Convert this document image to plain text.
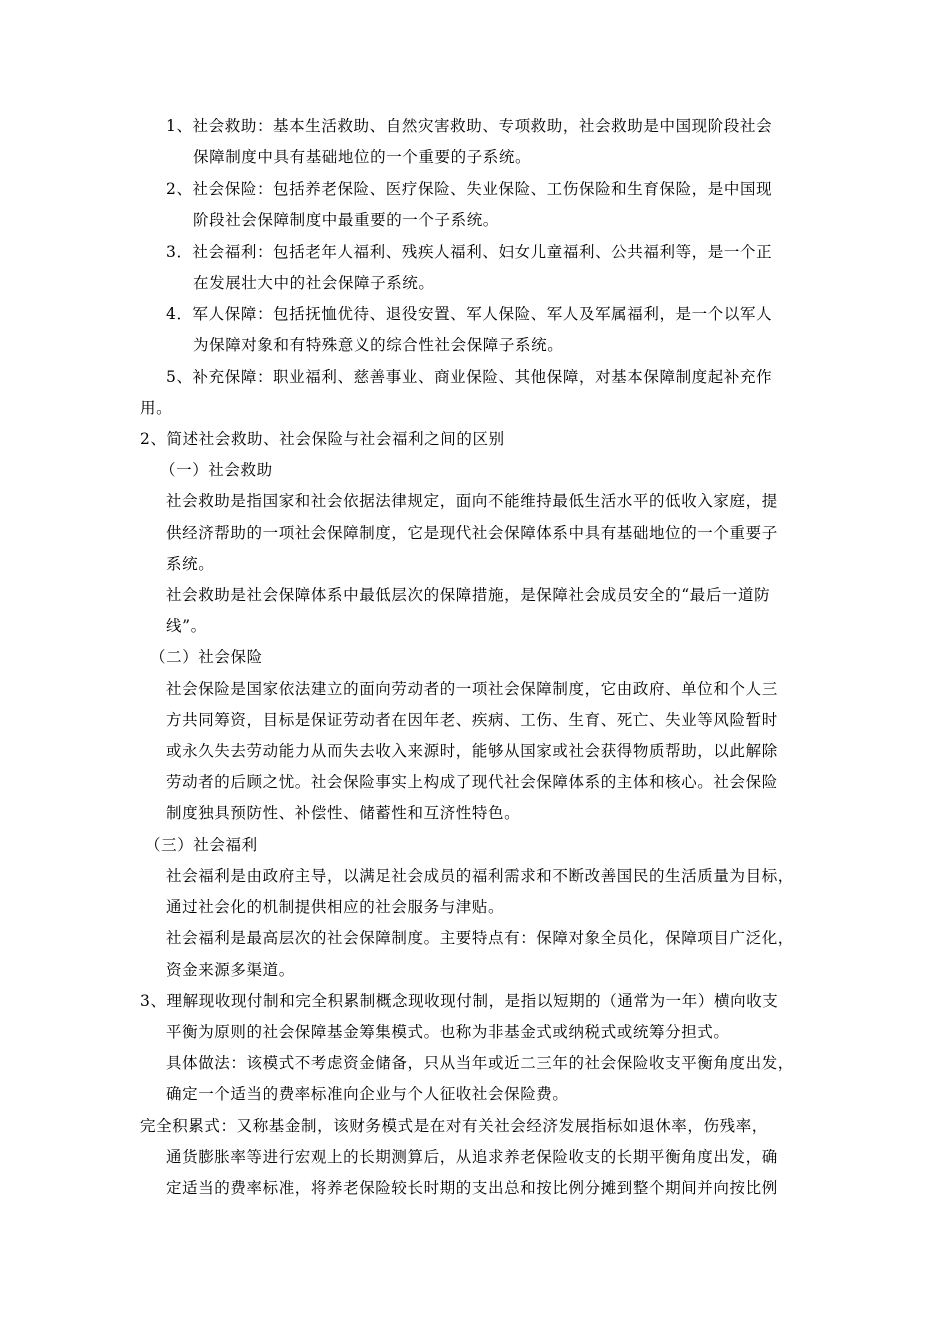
1、社会救助：基本生活救助、自然灾害救助、专项救助，社会救助是中国现阶段社会
保障制度中具有基础地位的一个重要的子系统。
2、社会保险：包括养老保险、医疗保险、失业保险、工伤保险和生育保险，是中国现
阶段社会保障制度中最重要的一个子系统。
3．社会福利：包括老年人福利、残疾人福利、妇女儿童福利、公共福利等，是一个正
在发展壮大中的社会保障子系统。
4．军人保障：包括抚恤优待、退役安置、军人保险、军人及军属福利，是一个以军人
为保障对象和有特殊意义的综合性社会保障子系统。
5、补充保障：职业福利、慈善事业、商业保险、其他保障，对基本保障制度起补充作
用。
2、简述社会救助、社会保险与社会福利之间的区别
（一）社会救助
社会救助是指国家和社会依据法律规定，面向不能维持最低生活水平的低收入家庭，提
供经济帮助的一项社会保障制度，它是现代社会保障体系中具有基础地位的一个重要子
系统。
社会救助是社会保障体系中最低层次的保障措施，是保障社会成员安全的“最后一道防
线”。
（二）社会保险
社会保险是国家依法建立的面向劳动者的一项社会保障制度，它由政府、单位和个人三
方共同筹资，目标是保证劳动者在因年老、疾病、工伤、生育、死亡、失业等风险暂时
或永久失去劳动能力从而失去收入来源时，能够从国家或社会获得物质帮助，以此解除
劳动者的后顾之忧。社会保险事实上构成了现代社会保障体系的主体和核心。社会保险
制度独具预防性、补偿性、储蓄性和互济性特色。
（三）社会福利
社会福利是由政府主导，以满足社会成员的福利需求和不断改善国民的生活质量为目标，
通过社会化的机制提供相应的社会服务与津贴。
社会福利是最高层次的社会保障制度。主要特点有：保障对象全员化，保障项目广泛化，
资金来源多渠道。
3、理解现收现付制和完全积累制概念现收现付制，是指以短期的（通常为一年）横向收支
平衡为原则的社会保障基金筹集模式。也称为非基金式或纳税式或统筹分担式。
具体做法：该模式不考虑资金储备，只从当年或近二三年的社会保险收支平衡角度出发，
确定一个适当的费率标准向企业与个人征收社会保险费。
完全积累式：又称基金制，该财务模式是在对有关社会经济发展指标如退休率，伤残率，
通货膨胀率等进行宏观上的长期测算后，从追求养老保险收支的长期平衡角度出发，确
定适当的费率标准，将养老保险较长时期的支出总和按比例分摊到整个期间并向按比例
